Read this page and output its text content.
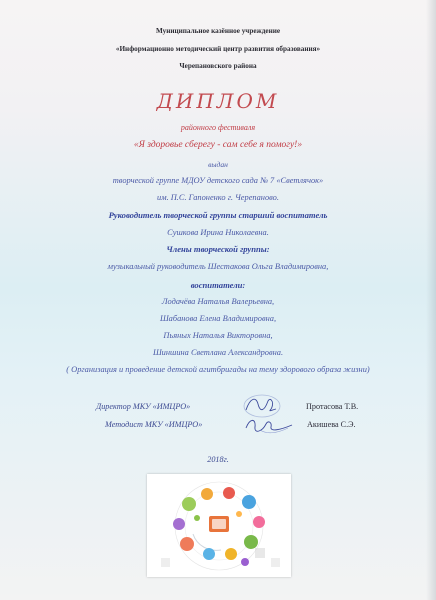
Муниципальное казённое учреждение
«Информационно методический центр развития образования»
Черепановского района
ДИПЛОМ
районного фестиваля
«Я здоровье сберегу - сам себе я помогу!»
выдан
творческой группе МДОУ детского сада № 7 «Светлячок»
им. П.С. Гапоненко г. Черепаново.
Руководитель творческой группы старший воспитатель
Сушкова Ирина Николаевна.
Члены творческой группы:
музыкальный руководитель Шестакова Ольга Владимировна,
воспитатели:
Лодачёва Наталья Валерьевна,
Шабанова Елена Владимировна,
Пьяных Наталья Викторовна,
Шиншина Светлана Александровна.
( Организация и проведение детской агитбригады на тему здорового образа жизни)
Директор МКУ «ИМЦРО»	Протасова Т.В.
Методист МКУ «ИМЦРО»	Акишева С.Э.
2018г.
